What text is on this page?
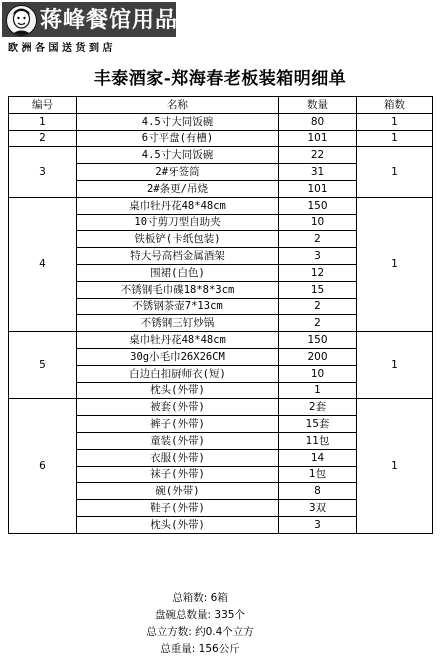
蒋峰餐馆用品
欧洲各国送货到店
丰泰酒家-郑海春老板装箱明细单
编号	名称	数量	箱数
1	4.5寸大同饭碗	80	1
2	6寸平盘(有槽)	101	1
3	4.5寸大同饭碗	22	1
	2#牙签筒	31	
	2#条更/吊烧	101	
4	桌巾牡丹花48*48cm	150	1
	10寸剪刀型自助夹	10	
	铁板铲(卡纸包装)	2	
	特大号高档金属酒架	3	
	围裙(白色)	12	
	不锈钢毛巾碟18*8*3cm	15	
	不锈钢茶壶7*13cm	2	
	不锈钢三钉炒锅	2	
5	桌巾牡丹花48*48cm	150	1
	30g小毛巾26X26CM	200	
	白边白扣厨师衣(短)	10	
	枕头(外带)	1	
6	被套(外带)	2套	1
	裤子(外带)	15套	
	童装(外带)	11包	
	衣服(外带)	14	
	袜子(外带)	1包	
	碗(外带)	8	
	鞋子(外带)	3双	
	枕头(外带)	3	
总箱数: 6箱
盘碗总数量: 335个
总立方数: 约0.4个立方
总重量: 156公斤
